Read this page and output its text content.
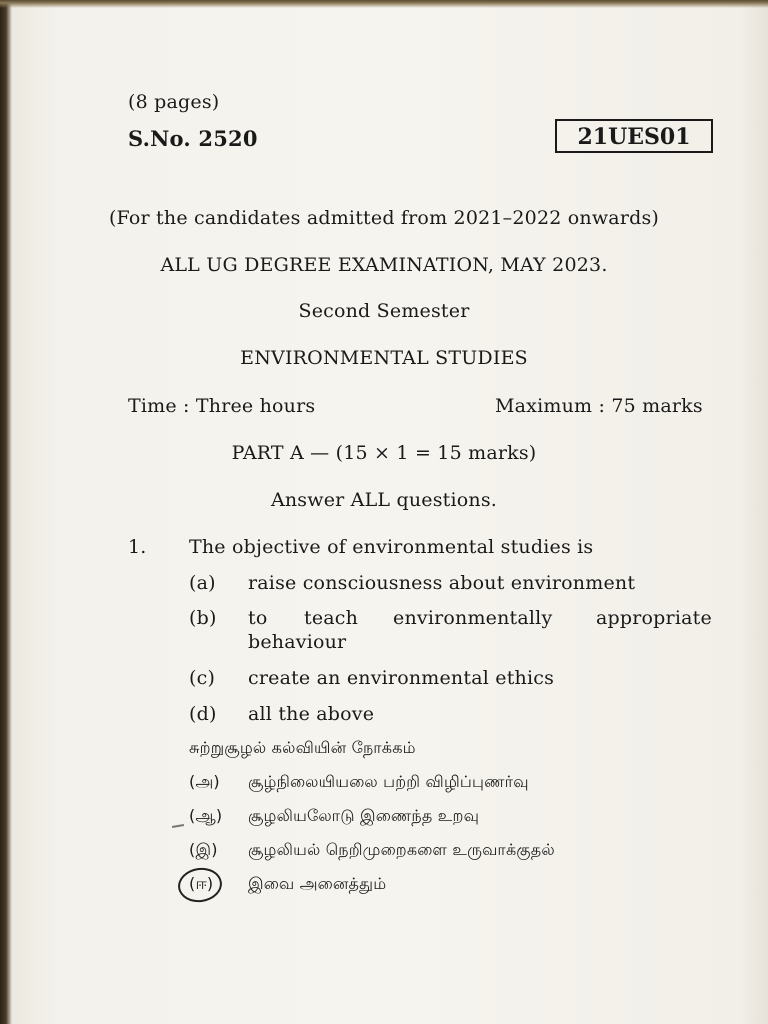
(8 pages)
S.No. 2520	21UES01
(For the candidates admitted from 2021–2022 onwards)
ALL UG DEGREE EXAMINATION, MAY 2023.
Second Semester
ENVIRONMENTAL STUDIES
Time : Three hours	Maximum : 75 marks
PART A — (15 × 1 = 15 marks)
Answer ALL questions.
1. The objective of environmental studies is
(a) raise consciousness about environment
(b) to teach environmentally appropriate
behaviour
(c) create an environmental ethics
(d) all the above
சுற்றுசூழல் கல்வியின் நோக்கம்
(அ) சூழ்நிலையியலை பற்றி விழிப்புணர்வு
(ஆ) சூழலியலோடு இணைந்த உறவு
(இ) சூழலியல் நெறிமுறைகளை உருவாக்குதல்
(ஈ) இவை அனைத்தும்
